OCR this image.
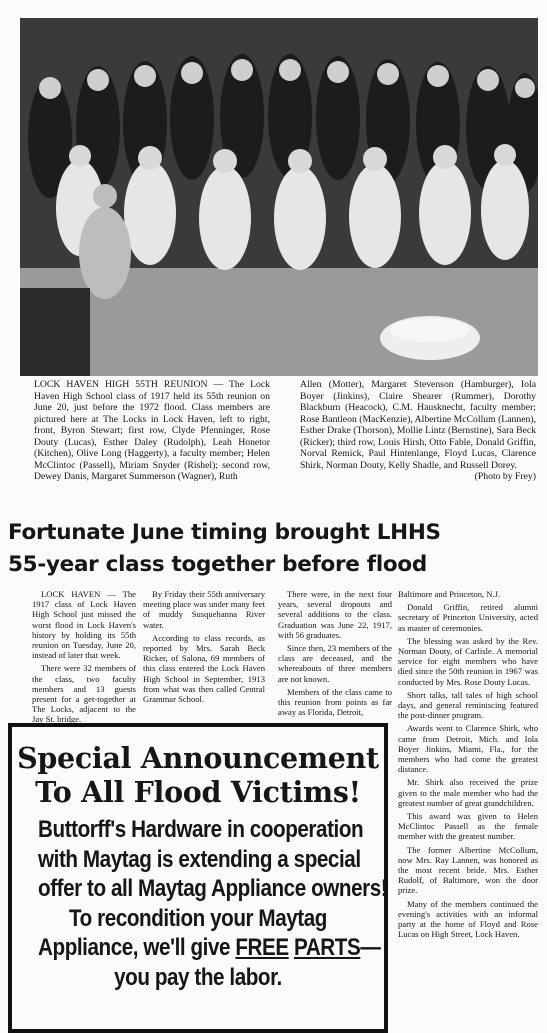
LOCK HAVEN HIGH 55TH REUNION — The Lock Haven High School class of 1917 held its 55th reunion on June 20, just before the 1972 flood. Class members are pictured here at The Locks in Lock Haven, left to right, front, Byron Stewart; first row, Clyde Pfenninger, Rose Douty (Lucas), Esther Daley (Rudolph), Leah Honetor (Kitchen), Olive Long (Haggerty), a faculty member; Helen McClintoc (Passell), Miriam Snyder (Rishel); second row, Dewey Danis, Margaret Summerson (Wagner), Ruth
Allen (Motter), Margaret Stevenson (Hamburger), Iola Boyer (Jinkins), Claire Shearer (Rummer), Dorothy Blackburn (Heacock), C.M. Hausknecht, faculty member; Rose Bantleon (MacKenzie), Albertine McCollum (Lannen), Esther Drake (Thorson), Mollie Lintz (Bernstine), Sara Beck (Ricker); third row, Louis Hirsh, Otto Fable, Donald Griffin, Norval Remick, Paul Hintenlange, Floyd Lucas, Clarence Shirk, Norman Douty, Kelly Shadle, and Russell Dorey.
(Photo by Frey)
Fortunate June timing brought LHHS
55-year class together before flood

LOCK HAVEN — The 1917 class of Lock Haven High School just missed the worst flood in Lock Haven's history by holding its 55th reunion on Tuesday, June 20, instead of later that week.

There were 32 members of the class, two faculty members and 13 guests present for a get-together at The Locks, adjacent to the Jay St. bridge.

By Friday their 55th anniversary meeting place was under many feet of muddy Susquehanna River water.

According to class records, as reported by Mrs. Sarah Beck Ricker, of Salona, 69 members of this class entered the Lock Haven High School in September, 1913 from what was then called Central Grammar School.

There were, in the next four years, several dropouts and several additions to the class. Graduation was June 22, 1917, with 56 graduates.

Since then, 23 members of the class are deceased, and the whereabouts of three members are not known.

Members of the class came to this reunion from points as far away as Florida, Detroit,

Baltimore and Princeton, N.J.

Donald Griffin, retired alumni secretary of Princeton University, acted as master of ceremonies.

The blessing was asked by the Rev. Norman Douty, of Carlisle. A memorial service for eight members who have died since the 50th reunion in 1967 was conducted by Mrs. Rose Douty Lucas.

Short talks, tall tales of high school days, and general reminiscing featured the post-dinner program.

Awards went to Clarence Shirk, who came from Detroit, Mich. and Iola Boyer Jinkins, Miami, Fla., for the members who had come the greatest distance.

Mr. Shirk also received the prize given to the male member who had the greatest number of great grandchildren.

This award was given to Helen McClintoc Passell as the female member with the greatest number.

The former Albertine McCollum, now Mrs. Ray Lannen, was honored as the most recent bride. Mrs. Esther Rudolf, of Baltimore, won the door prize.

Many of the members continued the evening's activities with an informal party at the home of Floyd and Rose Lucas on High Street, Lock Haven.

Special Announcement
To All Flood Victims!
Buttorff's Hardware in cooperation
with Maytag is extending a special
offer to all Maytag Appliance owners!
To recondition your Maytag
Appliance, we'll give FREE PARTS—
you pay the labor.
